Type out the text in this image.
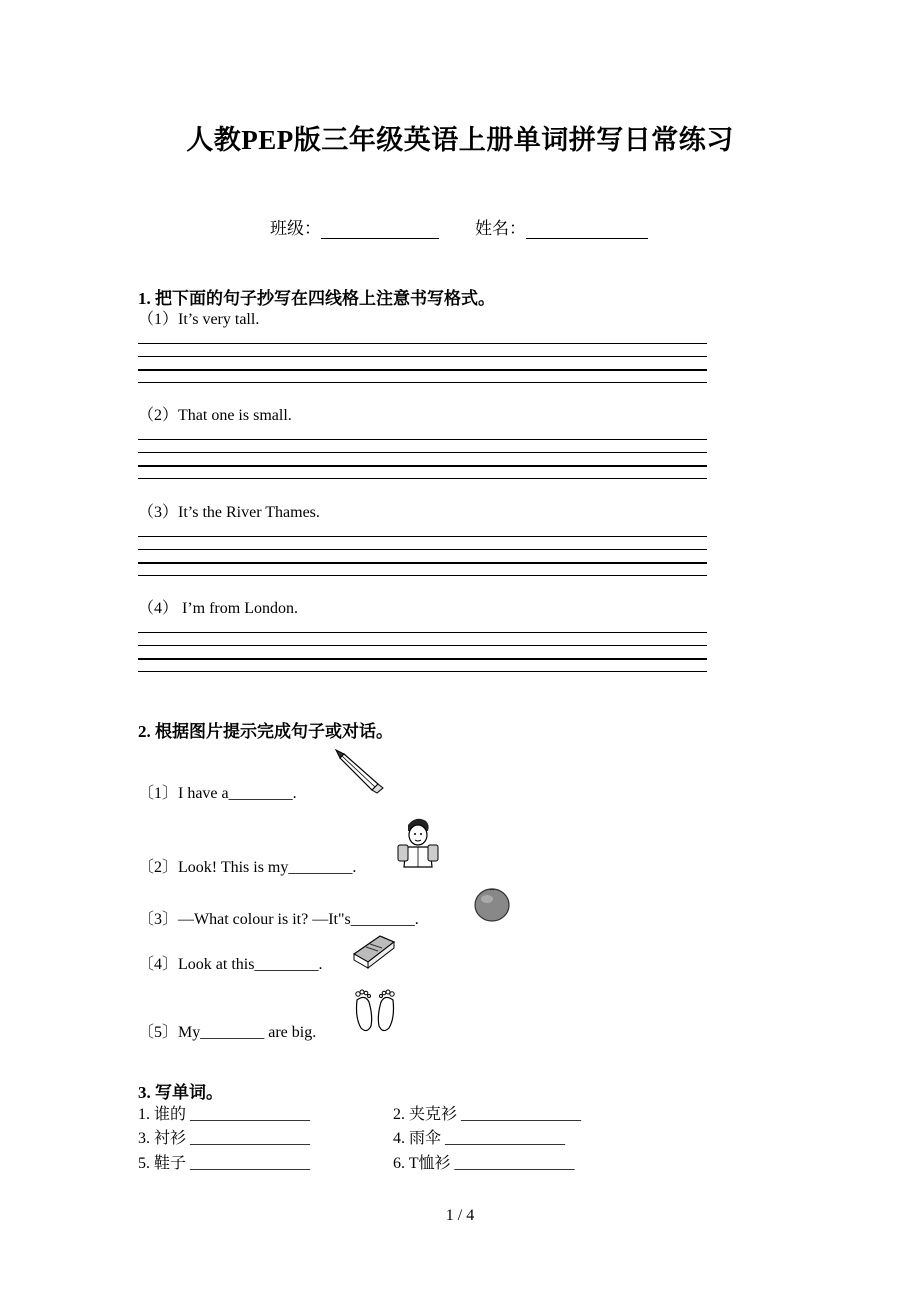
人教PEP版三年级英语上册单词拼写日常练习
班级：	姓名：
1. 把下面的句子抄写在四线格上注意书写格式。
（1）It’s very tall.
（2）That one is small.
（3）It’s the River Thames.
（4） I’m from London.
2. 根据图片提示完成句子或对话。
〔1〕I have a________.
〔2〕Look! This is my________.
〔3〕—What colour is it? —It"s________.
〔4〕Look at this________.
〔5〕My________ are big.
3. 写单词。
1. 谁的 _______________	2. 夹克衫 _______________
3. 衬衫 _______________	4. 雨伞 _______________
5. 鞋子 _______________	6. T恤衫 _______________
1 / 4
